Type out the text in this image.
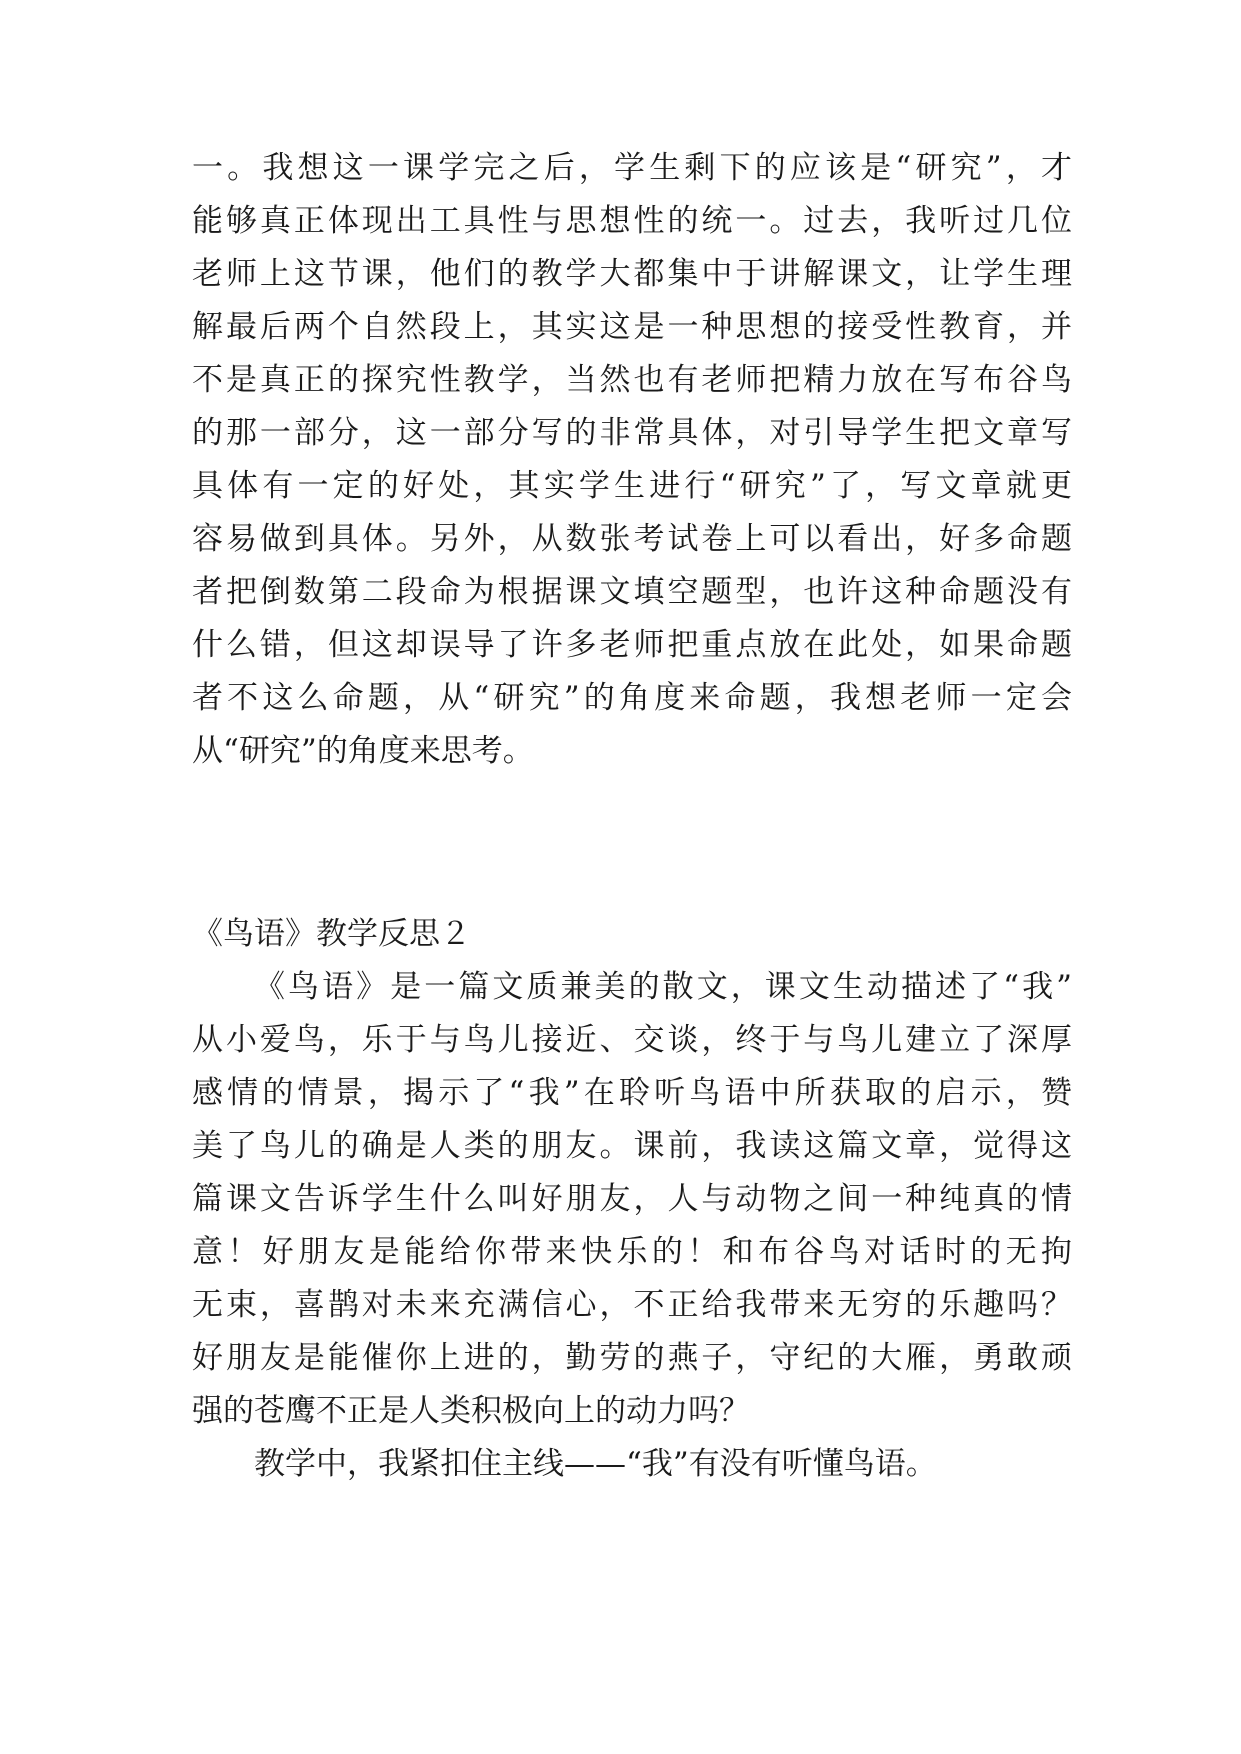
一。我想这一课学完之后，学生剩下的应该是“研究”，才
能够真正体现出工具性与思想性的统一。过去，我听过几位
老师上这节课，他们的教学大都集中于讲解课文，让学生理
解最后两个自然段上，其实这是一种思想的接受性教育，并
不是真正的探究性教学，当然也有老师把精力放在写布谷鸟
的那一部分，这一部分写的非常具体，对引导学生把文章写
具体有一定的好处，其实学生进行“研究”了，写文章就更
容易做到具体。另外，从数张考试卷上可以看出，好多命题
者把倒数第二段命为根据课文填空题型，也许这种命题没有
什么错，但这却误导了许多老师把重点放在此处，如果命题
者不这么命题，从“研究”的角度来命题，我想老师一定会
从“研究”的角度来思考。
《鸟语》教学反思２
《鸟语》是一篇文质兼美的散文，课文生动描述了“我”
从小爱鸟，乐于与鸟儿接近、交谈，终于与鸟儿建立了深厚
感情的情景，揭示了“我”在聆听鸟语中所获取的启示，赞
美了鸟儿的确是人类的朋友。课前，我读这篇文章，觉得这
篇课文告诉学生什么叫好朋友，人与动物之间一种纯真的情
意！好朋友是能给你带来快乐的！和布谷鸟对话时的无拘
无束，喜鹊对未来充满信心，不正给我带来无穷的乐趣吗？
好朋友是能催你上进的，勤劳的燕子，守纪的大雁，勇敢顽
强的苍鹰不正是人类积极向上的动力吗？
教学中，我紧扣住主线——“我”有没有听懂鸟语。
